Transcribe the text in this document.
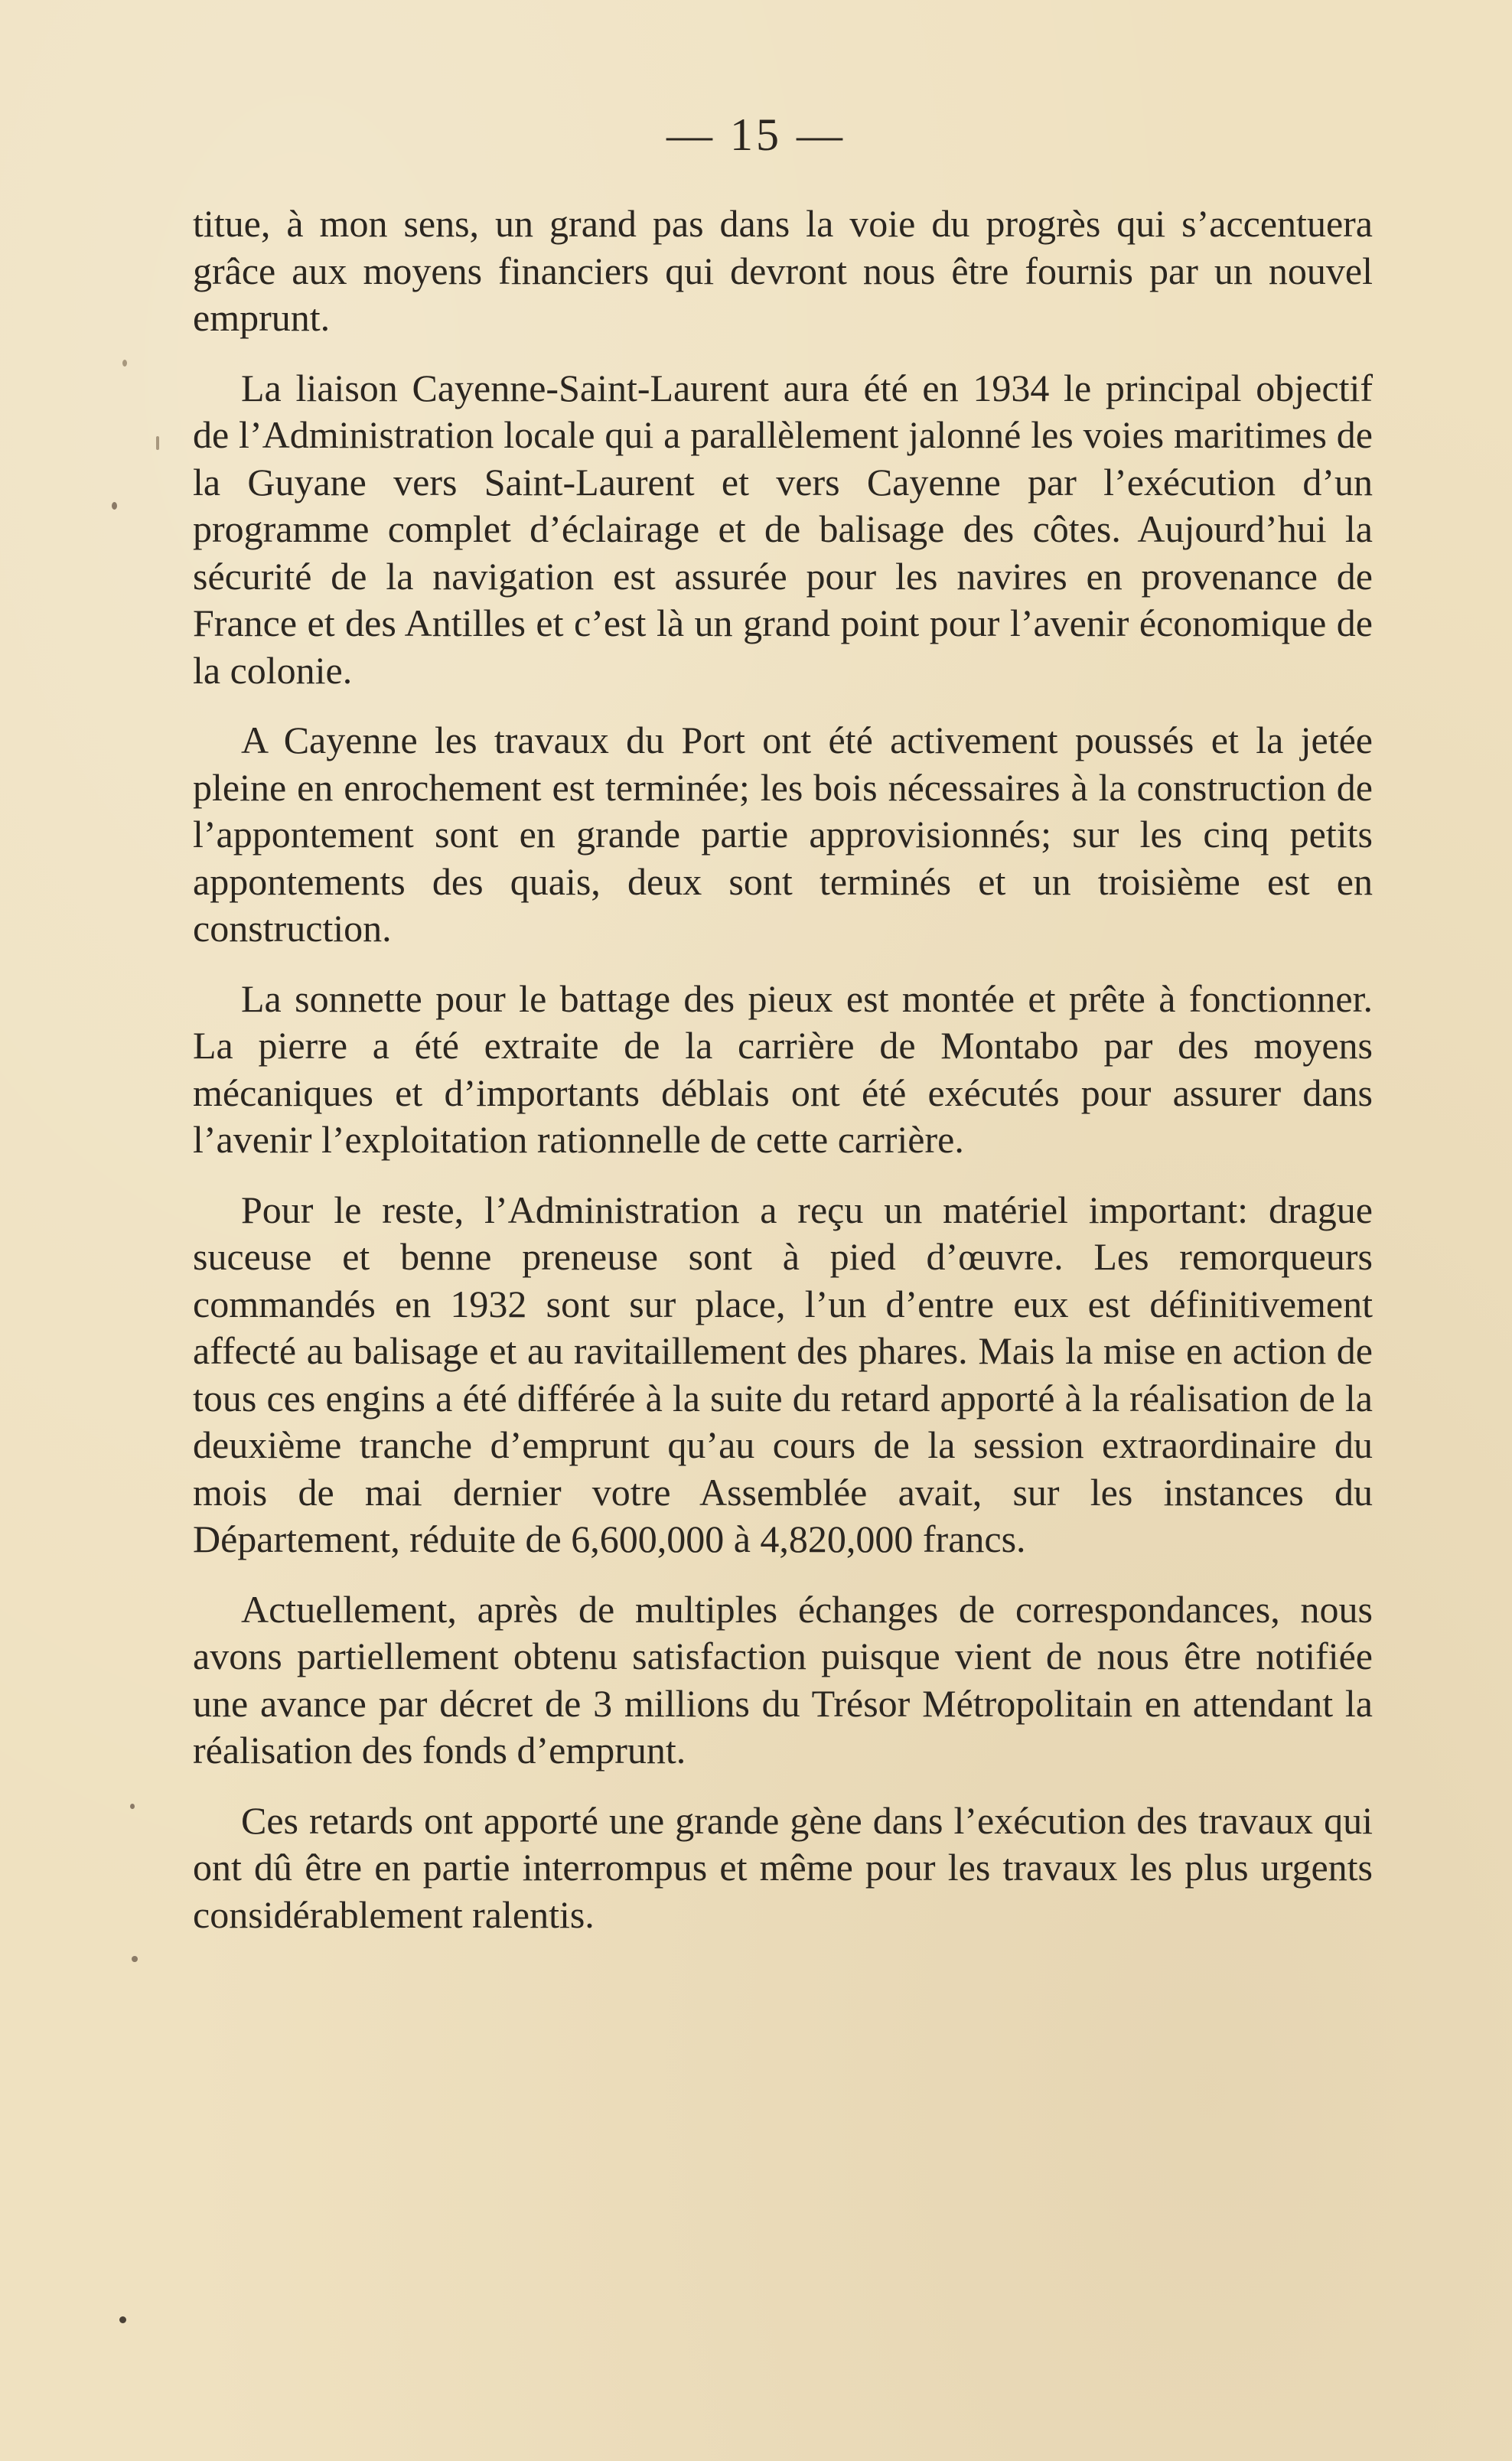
— 15 —

titue, à mon sens, un grand pas dans la voie du progrès qui s’accentuera grâce aux moyens financiers qui devront nous être fournis par un nouvel emprunt.

La liaison Cayenne-Saint-Laurent aura été en 1934 le principal objectif de l’Administration locale qui a parallèlement jalonné les voies maritimes de la Guyane vers Saint-Laurent et vers Cayenne par l’exécution d’un programme complet d’éclairage et de balisage des côtes. Aujourd’hui la sécurité de la navigation est assurée pour les navires en provenance de France et des Antilles et c’est là un grand point pour l’avenir économique de la colonie.

A Cayenne les travaux du Port ont été activement poussés et la jetée pleine en enrochement est terminée; les bois nécessaires à la construction de l’appontement sont en grande partie approvisionnés; sur les cinq petits appontements des quais, deux sont terminés et un troisième est en construction.

La sonnette pour le battage des pieux est montée et prête à fonctionner. La pierre a été extraite de la carrière de Montabo par des moyens mécaniques et d’importants déblais ont été exécutés pour assurer dans l’avenir l’exploitation rationnelle de cette carrière.

Pour le reste, l’Administration a reçu un matériel important: drague suceuse et benne preneuse sont à pied d’œuvre. Les remorqueurs commandés en 1932 sont sur place, l’un d’entre eux est définitivement affecté au balisage et au ravitaillement des phares. Mais la mise en action de tous ces engins a été différée à la suite du retard apporté à la réalisation de la deuxième tranche d’emprunt qu’au cours de la session extraordinaire du mois de mai dernier votre Assemblée avait, sur les instances du Département, réduite de 6,600,000 à 4,820,000 francs.

Actuellement, après de multiples échanges de correspondances, nous avons partiellement obtenu satisfaction puisque vient de nous être notifiée une avance par décret de 3 millions du Trésor Métropolitain en attendant la réalisation des fonds d’emprunt.

Ces retards ont apporté une grande gène dans l’exécution des travaux qui ont dû être en partie interrompus et même pour les travaux les plus urgents considérablement ralentis.
